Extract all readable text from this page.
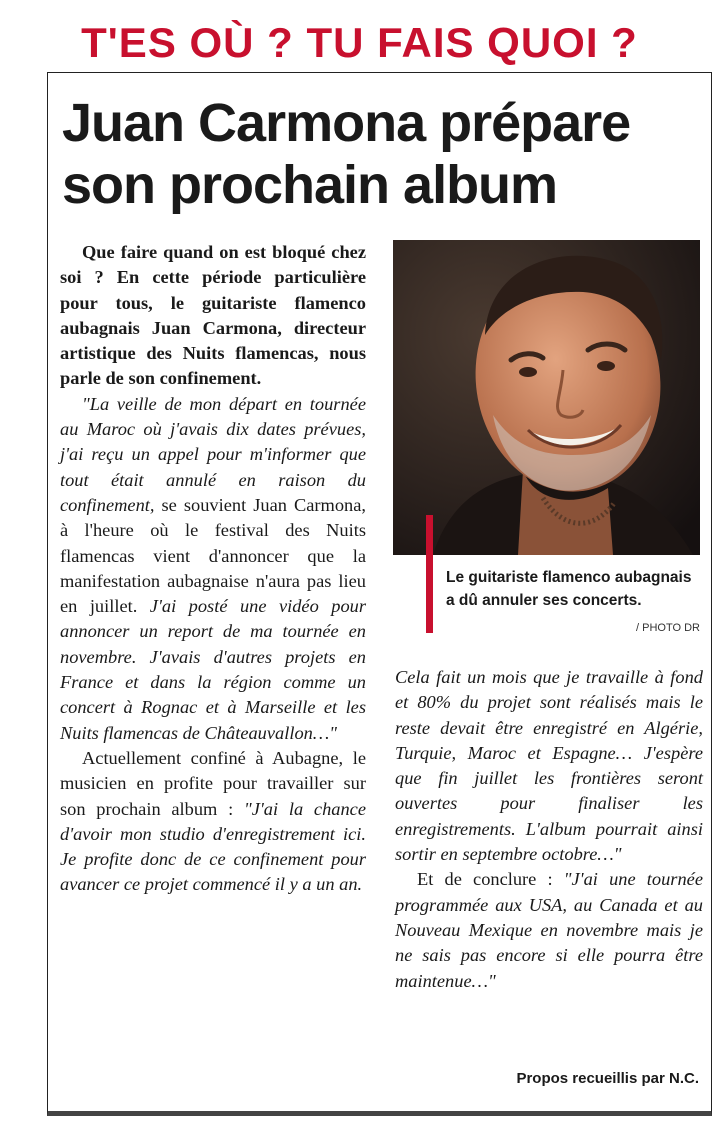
T'ES OÙ ? TU FAIS QUOI ?
Juan Carmona prépare son prochain album

Que faire quand on est bloqué chez soi ? En cette période particulière pour tous, le guitariste flamenco aubagnais Juan Carmona, directeur artistique des Nuits flamencas, nous parle de son confinement.

"La veille de mon départ en tournée au Maroc où j'avais dix dates prévues, j'ai reçu un appel pour m'informer que tout était annulé en raison du confinement, se souvient Juan Carmona, à l'heure où le festival des Nuits flamencas vient d'annoncer que la manifestation aubagnaise n'aura pas lieu en juillet. J'ai posté une vidéo pour annoncer un report de ma tournée en novembre. J'avais d'autres projets en France et dans la région comme un concert à Rognac et à Marseille et les Nuits flamencas de Châteauvallon…"

Actuellement confiné à Aubagne, le musicien en profite pour travailler sur son prochain album : "J'ai la chance d'avoir mon studio d'enregistrement ici. Je profite donc de ce confinement pour avancer ce projet commencé il y a un an.

Le guitariste flamenco aubagnais a dû annuler ses concerts.
/ PHOTO DR

Cela fait un mois que je travaille à fond et 80% du projet sont réalisés mais le reste devait être enregistré en Algérie, Turquie, Maroc et Espagne… J'espère que fin juillet les frontières seront ouvertes pour finaliser les enregistrements. L'album pourrait ainsi sortir en septembre octobre…"

Et de conclure : "J'ai une tournée programmée aux USA, au Canada et au Nouveau Mexique en novembre mais je ne sais pas encore si elle pourra être maintenue…"

Propos recueillis par N.C.
